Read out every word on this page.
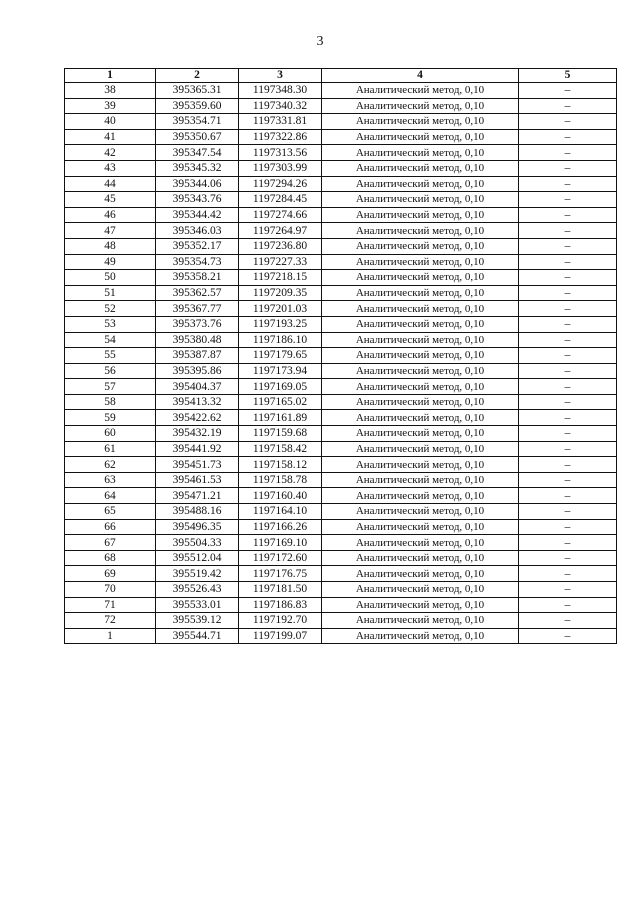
3
1	2	3	4	5
38	395365.31	1197348.30	Аналитический метод, 0,10	–
39	395359.60	1197340.32	Аналитический метод, 0,10	–
40	395354.71	1197331.81	Аналитический метод, 0,10	–
41	395350.67	1197322.86	Аналитический метод, 0,10	–
42	395347.54	1197313.56	Аналитический метод, 0,10	–
43	395345.32	1197303.99	Аналитический метод, 0,10	–
44	395344.06	1197294.26	Аналитический метод, 0,10	–
45	395343.76	1197284.45	Аналитический метод, 0,10	–
46	395344.42	1197274.66	Аналитический метод, 0,10	–
47	395346.03	1197264.97	Аналитический метод, 0,10	–
48	395352.17	1197236.80	Аналитический метод, 0,10	–
49	395354.73	1197227.33	Аналитический метод, 0,10	–
50	395358.21	1197218.15	Аналитический метод, 0,10	–
51	395362.57	1197209.35	Аналитический метод, 0,10	–
52	395367.77	1197201.03	Аналитический метод, 0,10	–
53	395373.76	1197193.25	Аналитический метод, 0,10	–
54	395380.48	1197186.10	Аналитический метод, 0,10	–
55	395387.87	1197179.65	Аналитический метод, 0,10	–
56	395395.86	1197173.94	Аналитический метод, 0,10	–
57	395404.37	1197169.05	Аналитический метод, 0,10	–
58	395413.32	1197165.02	Аналитический метод, 0,10	–
59	395422.62	1197161.89	Аналитический метод, 0,10	–
60	395432.19	1197159.68	Аналитический метод, 0,10	–
61	395441.92	1197158.42	Аналитический метод, 0,10	–
62	395451.73	1197158.12	Аналитический метод, 0,10	–
63	395461.53	1197158.78	Аналитический метод, 0,10	–
64	395471.21	1197160.40	Аналитический метод, 0,10	–
65	395488.16	1197164.10	Аналитический метод, 0,10	–
66	395496.35	1197166.26	Аналитический метод, 0,10	–
67	395504.33	1197169.10	Аналитический метод, 0,10	–
68	395512.04	1197172.60	Аналитический метод, 0,10	–
69	395519.42	1197176.75	Аналитический метод, 0,10	–
70	395526.43	1197181.50	Аналитический метод, 0,10	–
71	395533.01	1197186.83	Аналитический метод, 0,10	–
72	395539.12	1197192.70	Аналитический метод, 0,10	–
1	395544.71	1197199.07	Аналитический метод, 0,10	–
